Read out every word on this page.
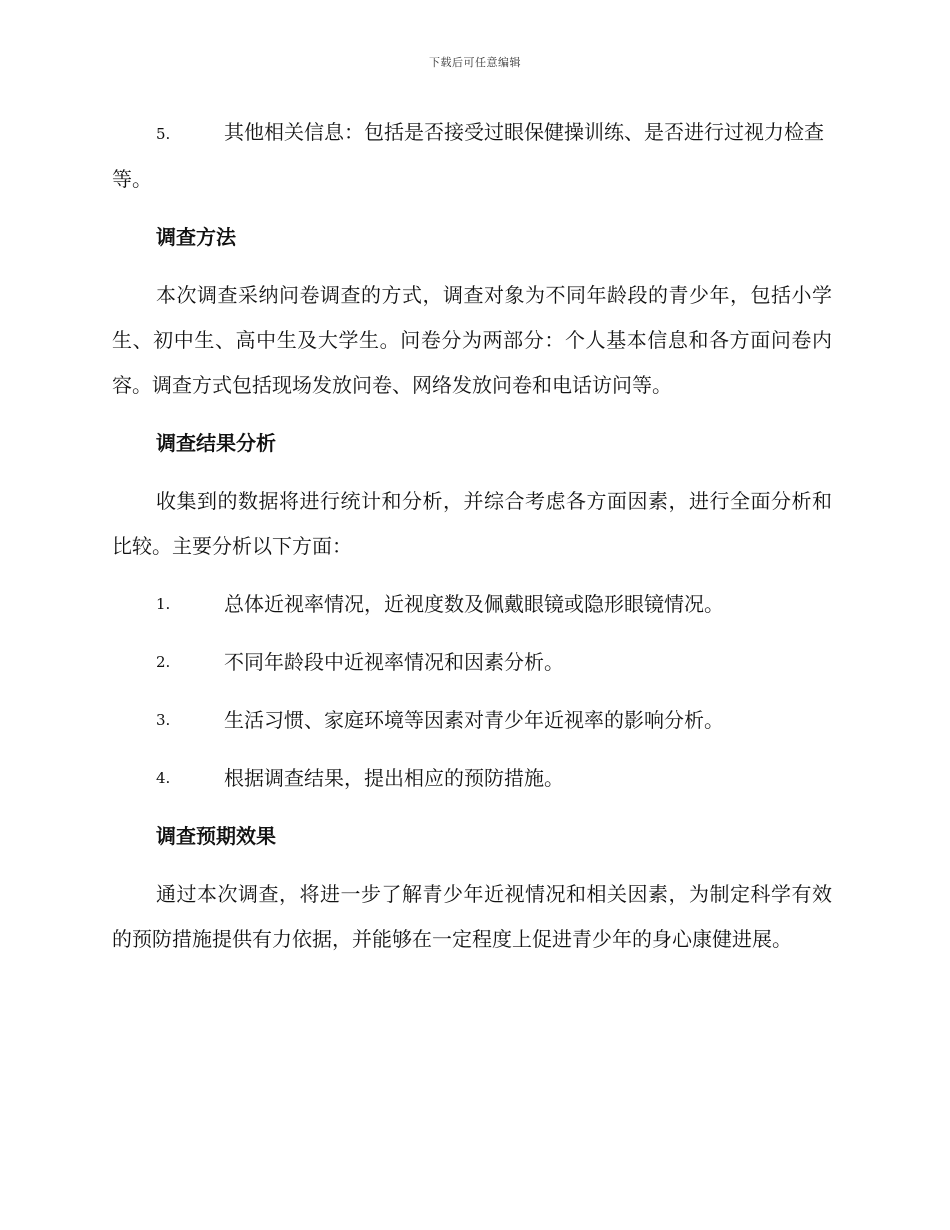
下载后可任意编辑
5.	其他相关信息：包括是否接受过眼保健操训练、是否进行过视力检查等。
调查方法

本次调查采纳问卷调查的方式，调查对象为不同年龄段的青少年，包括小学生、初中生、高中生及大学生。问卷分为两部分：个人基本信息和各方面问卷内容。调查方式包括现场发放问卷、网络发放问卷和电话访问等。

调查结果分析

收集到的数据将进行统计和分析，并综合考虑各方面因素，进行全面分析和比较。主要分析以下方面：

1.	总体近视率情况，近视度数及佩戴眼镜或隐形眼镜情况。
2.	不同年龄段中近视率情况和因素分析。
3.	生活习惯、家庭环境等因素对青少年近视率的影响分析。
4.	根据调查结果，提出相应的预防措施。
调查预期效果

通过本次调查，将进一步了解青少年近视情况和相关因素，为制定科学有效的预防措施提供有力依据，并能够在一定程度上促进青少年的身心康健进展。
